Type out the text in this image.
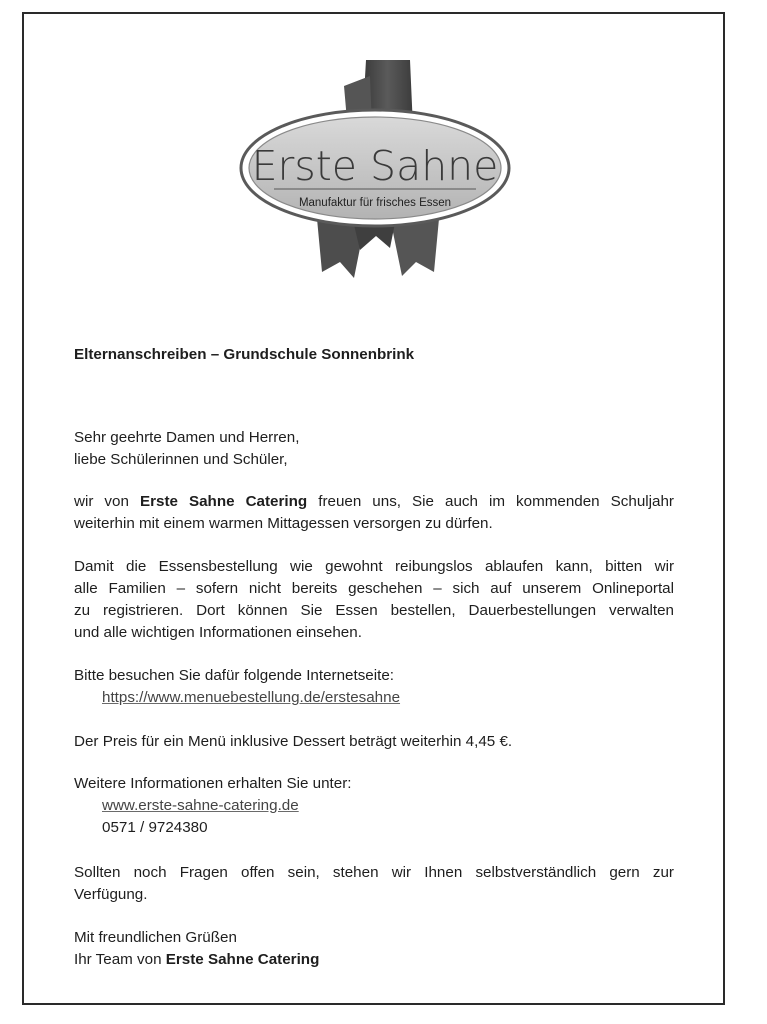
Erste Sahne
Manufaktur für frisches Essen
Elternanschreiben – Grundschule Sonnenbrink
Sehr geehrte Damen und Herren,
liebe Schülerinnen und Schüler,
wir von Erste Sahne Catering freuen uns, Sie auch im kommenden Schuljahr
weiterhin mit einem warmen Mittagessen versorgen zu dürfen.
Damit die Essensbestellung wie gewohnt reibungslos ablaufen kann, bitten wir
alle Familien – sofern nicht bereits geschehen – sich auf unserem Onlineportal
zu registrieren. Dort können Sie Essen bestellen, Dauerbestellungen verwalten
und alle wichtigen Informationen einsehen.
Bitte besuchen Sie dafür folgende Internetseite:
https://www.menuebestellung.de/erstesahne
Der Preis für ein Menü inklusive Dessert beträgt weiterhin 4,45 €.
Weitere Informationen erhalten Sie unter:
www.erste-sahne-catering.de
0571 / 9724380
Sollten noch Fragen offen sein, stehen wir Ihnen selbstverständlich gern zur
Verfügung.
Mit freundlichen Grüßen
Ihr Team von Erste Sahne Catering
